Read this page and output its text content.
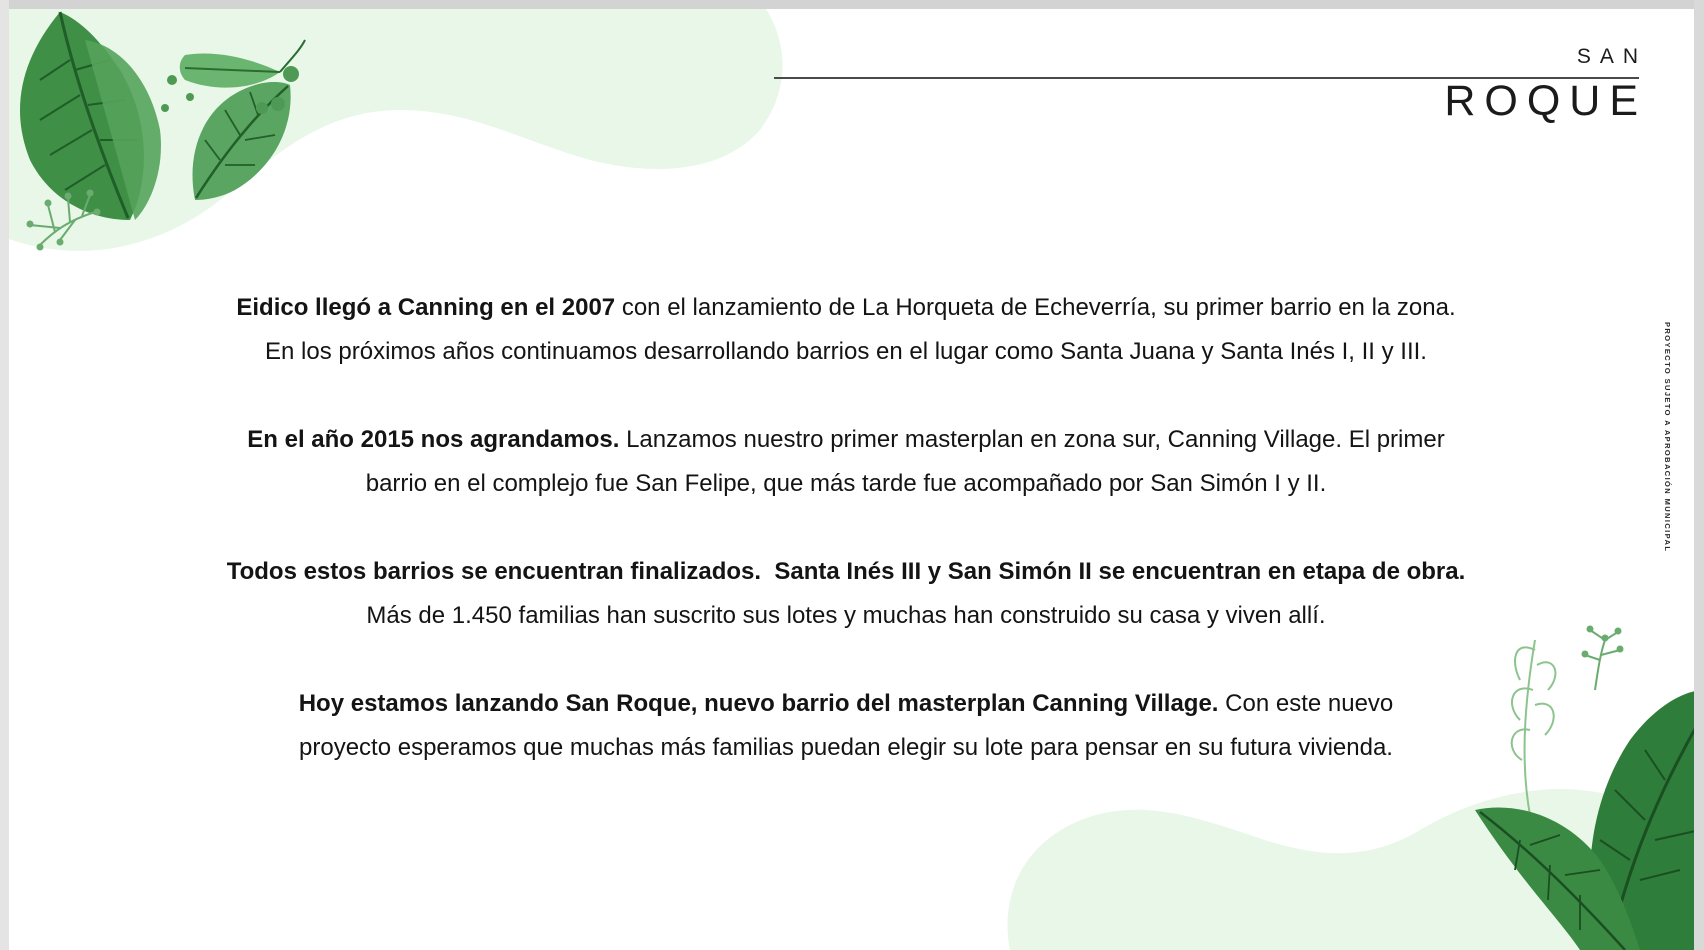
SAN
ROQUE
PROYECTO SUJETO A APROBACIÓN MUNICIPAL

Eidico llegó a Canning en el 2007 con el lanzamiento de La Horqueta de Echeverría, su primer barrio en la zona.
En los próximos años continuamos desarrollando barrios en el lugar como Santa Juana y Santa Inés I, II y III.

En el año 2015 nos agrandamos. Lanzamos nuestro primer masterplan en zona sur, Canning Village. El primer
barrio en el complejo fue San Felipe, que más tarde fue acompañado por San Simón I y II.

Todos estos barrios se encuentran finalizados.  Santa Inés III y San Simón II se encuentran en etapa de obra.
Más de 1.450 familias han suscrito sus lotes y muchas han construido su casa y viven allí.

Hoy estamos lanzando San Roque, nuevo barrio del masterplan Canning Village. Con este nuevo
proyecto esperamos que muchas más familias puedan elegir su lote para pensar en su futura vivienda.
